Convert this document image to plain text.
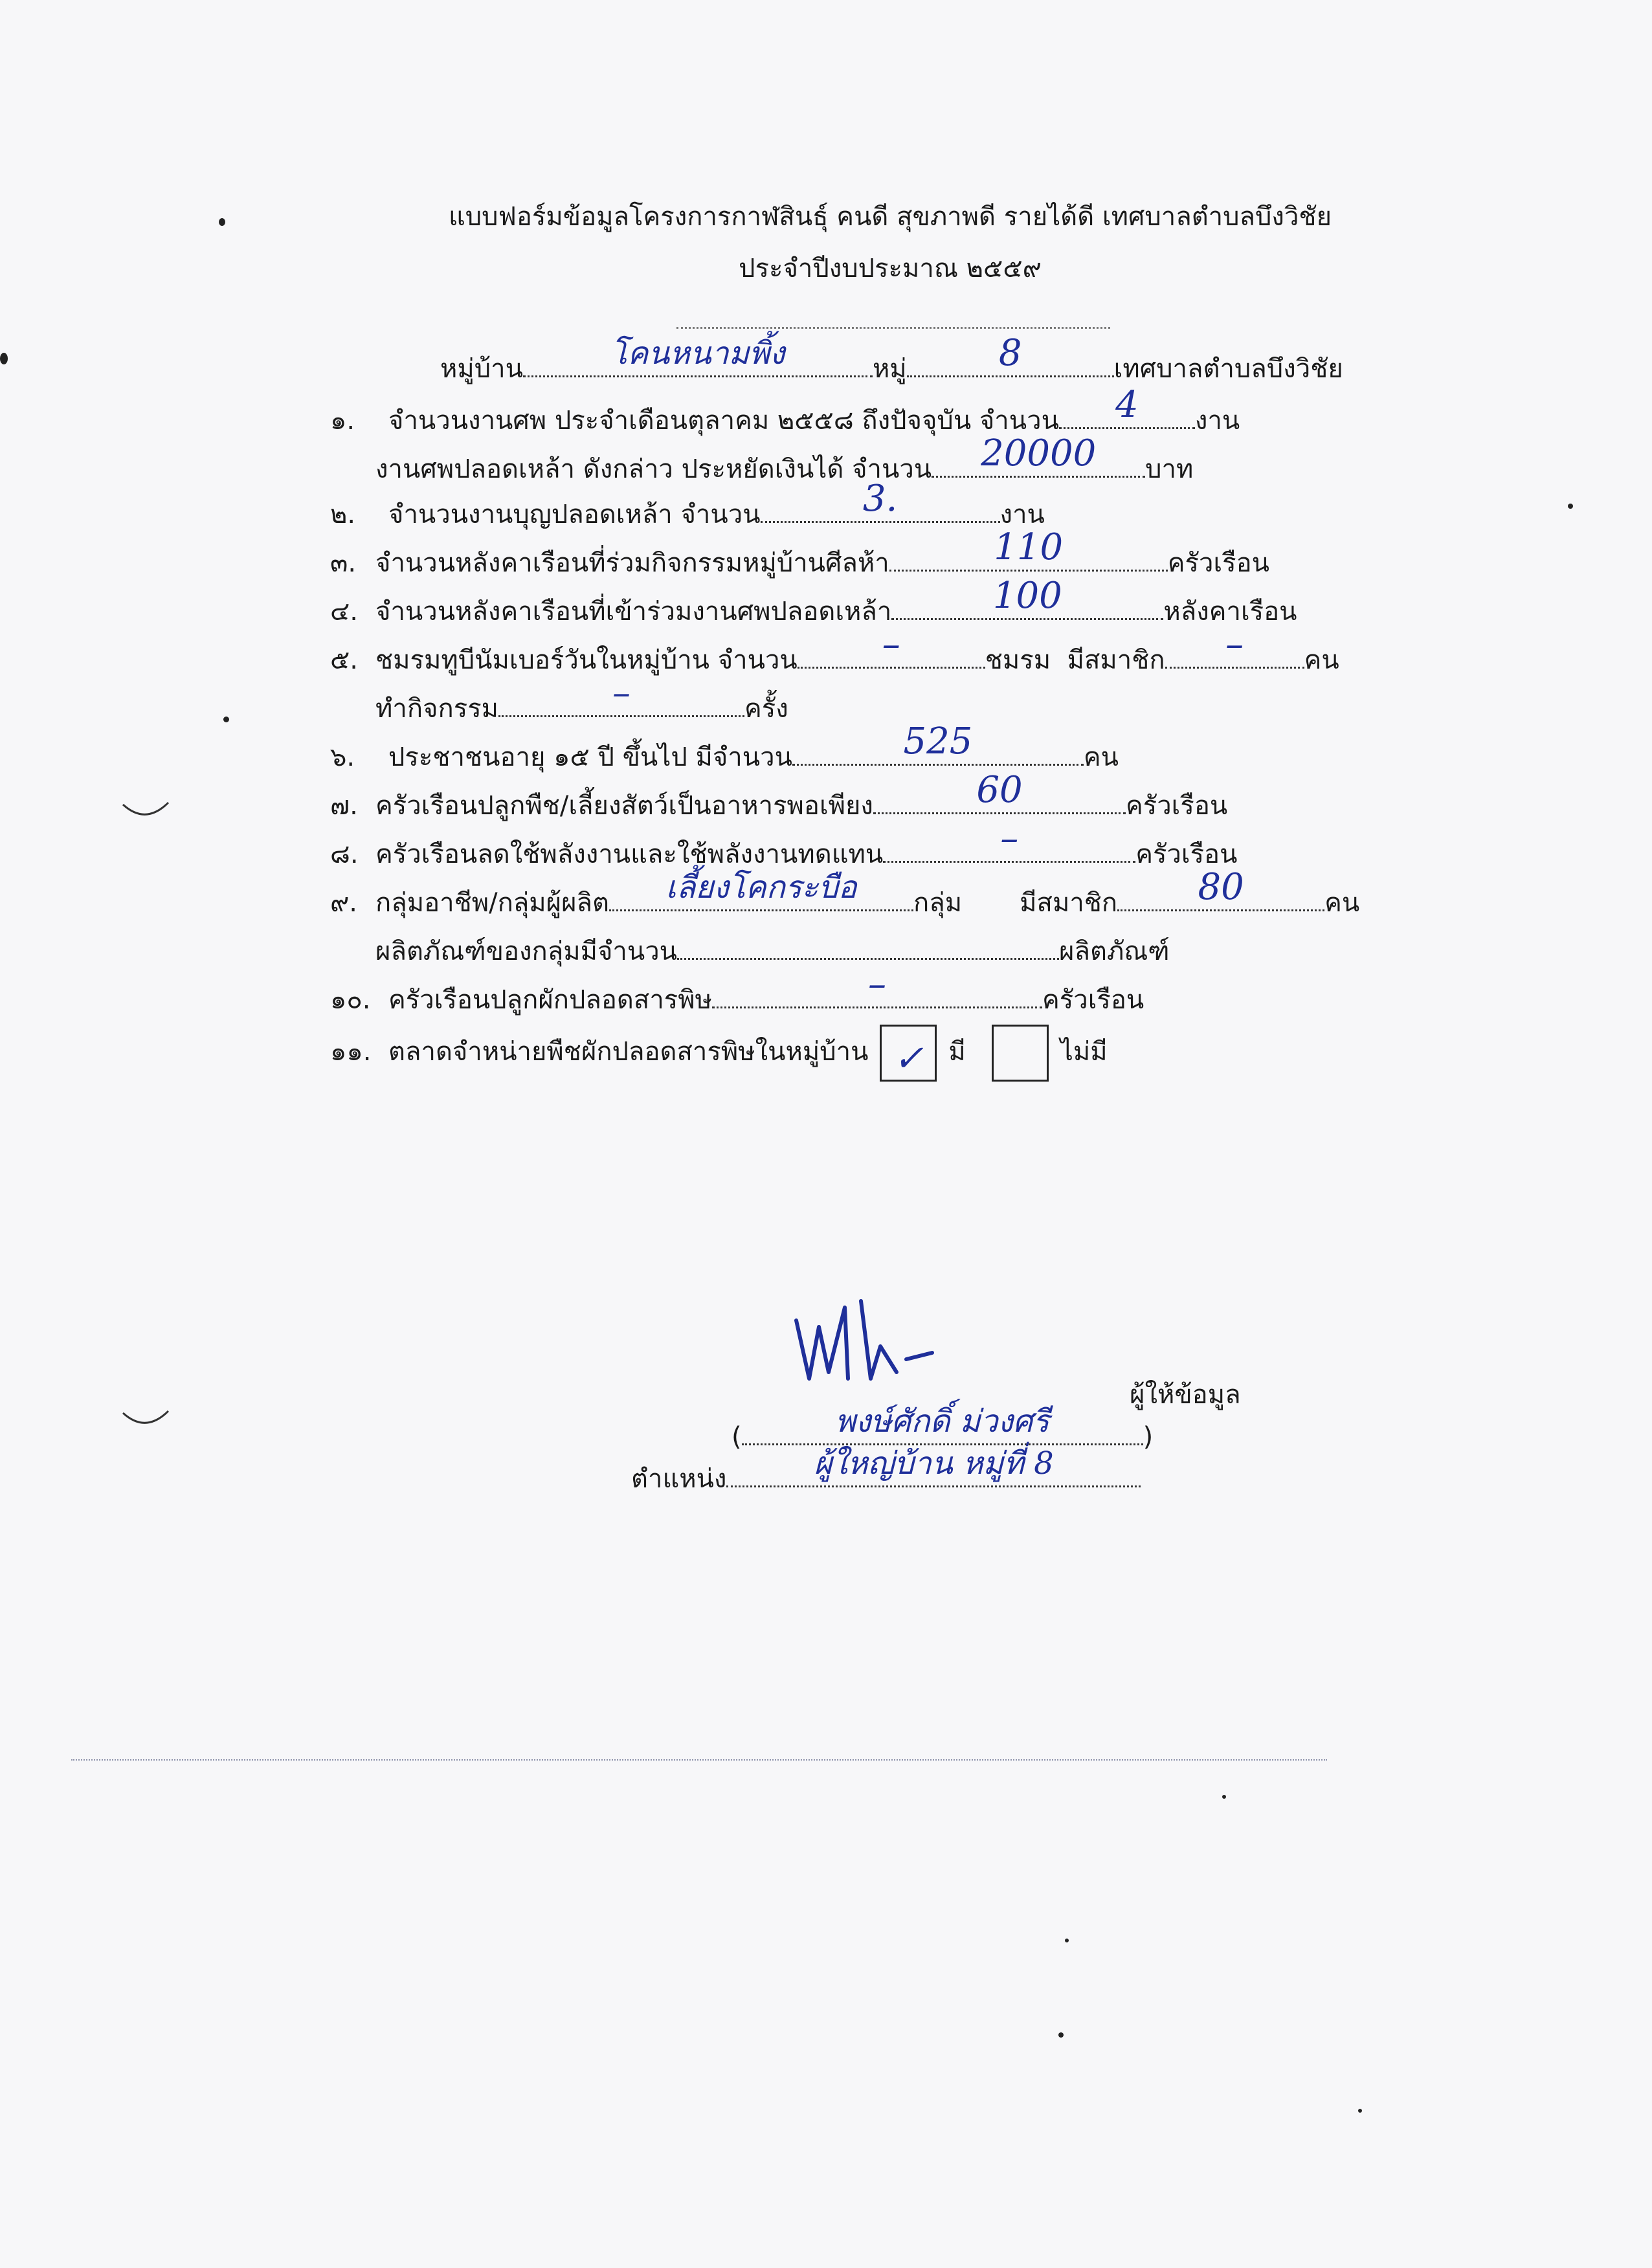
แบบฟอร์มข้อมูลโครงการกาฬสินธุ์ คนดี สุขภาพดี รายได้ดี เทศบาลตำบลบึงวิชัย
ประจำปีงบประมาณ ๒๕๕๙
หมู่บ้าน	โคนหนามพิ้ง	หมู่	8	เทศบาลตำบลบึงวิชัย
๑. จำนวนงานศพ ประจำเดือนตุลาคม ๒๕๕๘ ถึงปัจจุบัน จำนวน	4	งาน
งานศพปลอดเหล้า ดังกล่าว ประหยัดเงินได้ จำนวน	20000	บาท
๒. จำนวนงานบุญปลอดเหล้า จำนวน	3.	งาน
๓. จำนวนหลังคาเรือนที่ร่วมกิจกรรมหมู่บ้านศีลห้า	110	ครัวเรือน
๔. จำนวนหลังคาเรือนที่เข้าร่วมงานศพปลอดเหล้า	100	หลังคาเรือน
๕. ชมรมทูบีนัมเบอร์วันในหมู่บ้าน จำนวน	–	ชมรม มีสมาชิก	–	คน
ทำกิจกรรม	–	ครั้ง
๖. ประชาชนอายุ ๑๕ ปี ขึ้นไป มีจำนวน	525	คน
๗. ครัวเรือนปลูกพืช/เลี้ยงสัตว์เป็นอาหารพอเพียง	60	ครัวเรือน
๘. ครัวเรือนลดใช้พลังงานและใช้พลังงานทดแทน	–	ครัวเรือน
๙. กลุ่มอาชีพ/กลุ่มผู้ผลิต	เลี้ยงโคกระบือ	กลุ่ม มีสมาชิก	80	คน
ผลิตภัณฑ์ของกลุ่มมีจำนวน	ผลิตภัณฑ์
๑๐. ครัวเรือนปลูกผักปลอดสารพิษ	–	ครัวเรือน
๑๑. ตลาดจำหน่ายพืชผักปลอดสารพิษในหมู่บ้าน ✓ มี	ไม่มี
ผู้ให้ข้อมูล
(	พงษ์ศักดิ์ ม่วงศรี	)
ตำแหน่ง	ผู้ใหญ่บ้าน หมู่ที่ 8
